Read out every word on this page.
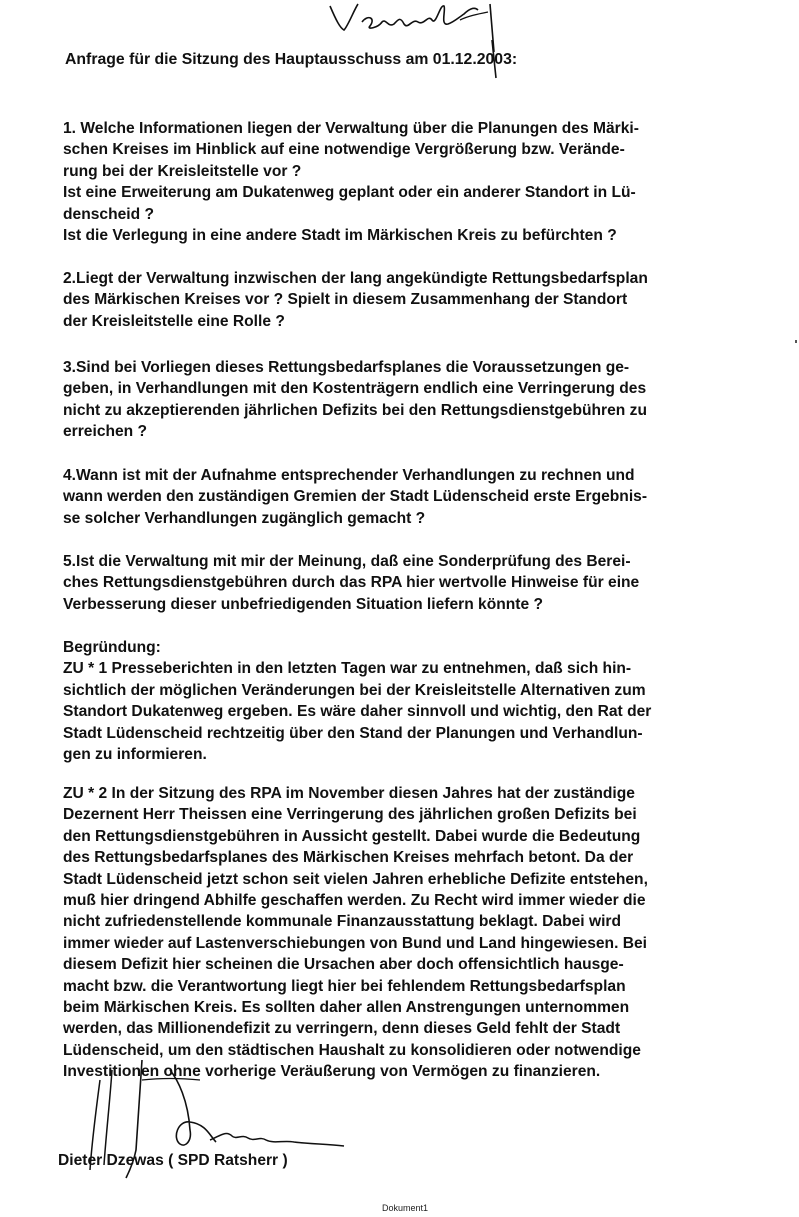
Anfrage für die Sitzung des Hauptausschuss am 01.12.2003:
1. Welche Informationen liegen der Verwaltung über die Planungen des Märki-
schen Kreises im Hinblick auf eine notwendige Vergrößerung bzw. Verände-
rung bei der Kreisleitstelle vor ?
Ist eine Erweiterung am Dukatenweg geplant oder ein anderer Standort in Lü-
denscheid ?
Ist die Verlegung in eine andere Stadt im Märkischen Kreis zu befürchten ?
2.Liegt der Verwaltung inzwischen der lang angekündigte Rettungsbedarfsplan
des Märkischen Kreises vor ? Spielt in diesem Zusammenhang der Standort
der Kreisleitstelle eine Rolle ?
3.Sind bei Vorliegen dieses Rettungsbedarfsplanes die Voraussetzungen ge-
geben, in Verhandlungen mit den Kostenträgern endlich eine Verringerung des
nicht zu akzeptierenden jährlichen Defizits bei den Rettungsdienstgebühren zu
erreichen ?
4.Wann ist mit der Aufnahme entsprechender Verhandlungen zu rechnen und
wann werden den zuständigen Gremien der Stadt Lüdenscheid erste Ergebnis-
se solcher Verhandlungen zugänglich gemacht ?
5.Ist die Verwaltung mit mir der Meinung, daß eine Sonderprüfung des Berei-
ches Rettungsdienstgebühren durch das RPA hier wertvolle Hinweise für eine
Verbesserung dieser unbefriedigenden Situation liefern könnte ?
Begründung:
ZU * 1 Presseberichten in den letzten Tagen war zu entnehmen, daß sich hin-
sichtlich der möglichen Veränderungen bei der Kreisleitstelle Alternativen zum
Standort Dukatenweg ergeben. Es wäre daher sinnvoll und wichtig, den Rat der
Stadt Lüdenscheid rechtzeitig über den Stand der Planungen und Verhandlun-
gen zu informieren.
ZU * 2 In der Sitzung des RPA im November diesen Jahres hat der zuständige
Dezernent Herr Theissen eine Verringerung des jährlichen großen Defizits bei
den Rettungsdienstgebühren in Aussicht gestellt. Dabei wurde die Bedeutung
des Rettungsbedarfsplanes des Märkischen Kreises mehrfach betont. Da der
Stadt Lüdenscheid jetzt schon seit vielen Jahren erhebliche Defizite entstehen,
muß hier dringend Abhilfe geschaffen werden. Zu Recht wird immer wieder die
nicht zufriedenstellende kommunale Finanzausstattung beklagt. Dabei wird
immer wieder auf Lastenverschiebungen von Bund und Land hingewiesen. Bei
diesem Defizit hier scheinen die Ursachen aber doch offensichtlich hausge-
macht bzw. die Verantwortung liegt hier bei fehlendem Rettungsbedarfsplan
beim Märkischen Kreis. Es sollten daher allen Anstrengungen unternommen
werden, das Millionendefizit zu verringern, denn dieses Geld fehlt der Stadt
Lüdenscheid, um den städtischen Haushalt zu konsolidieren oder notwendige
Investitionen ohne vorherige Veräußerung von Vermögen zu finanzieren.
Dieter Dzewas ( SPD Ratsherr )
Dokument1
